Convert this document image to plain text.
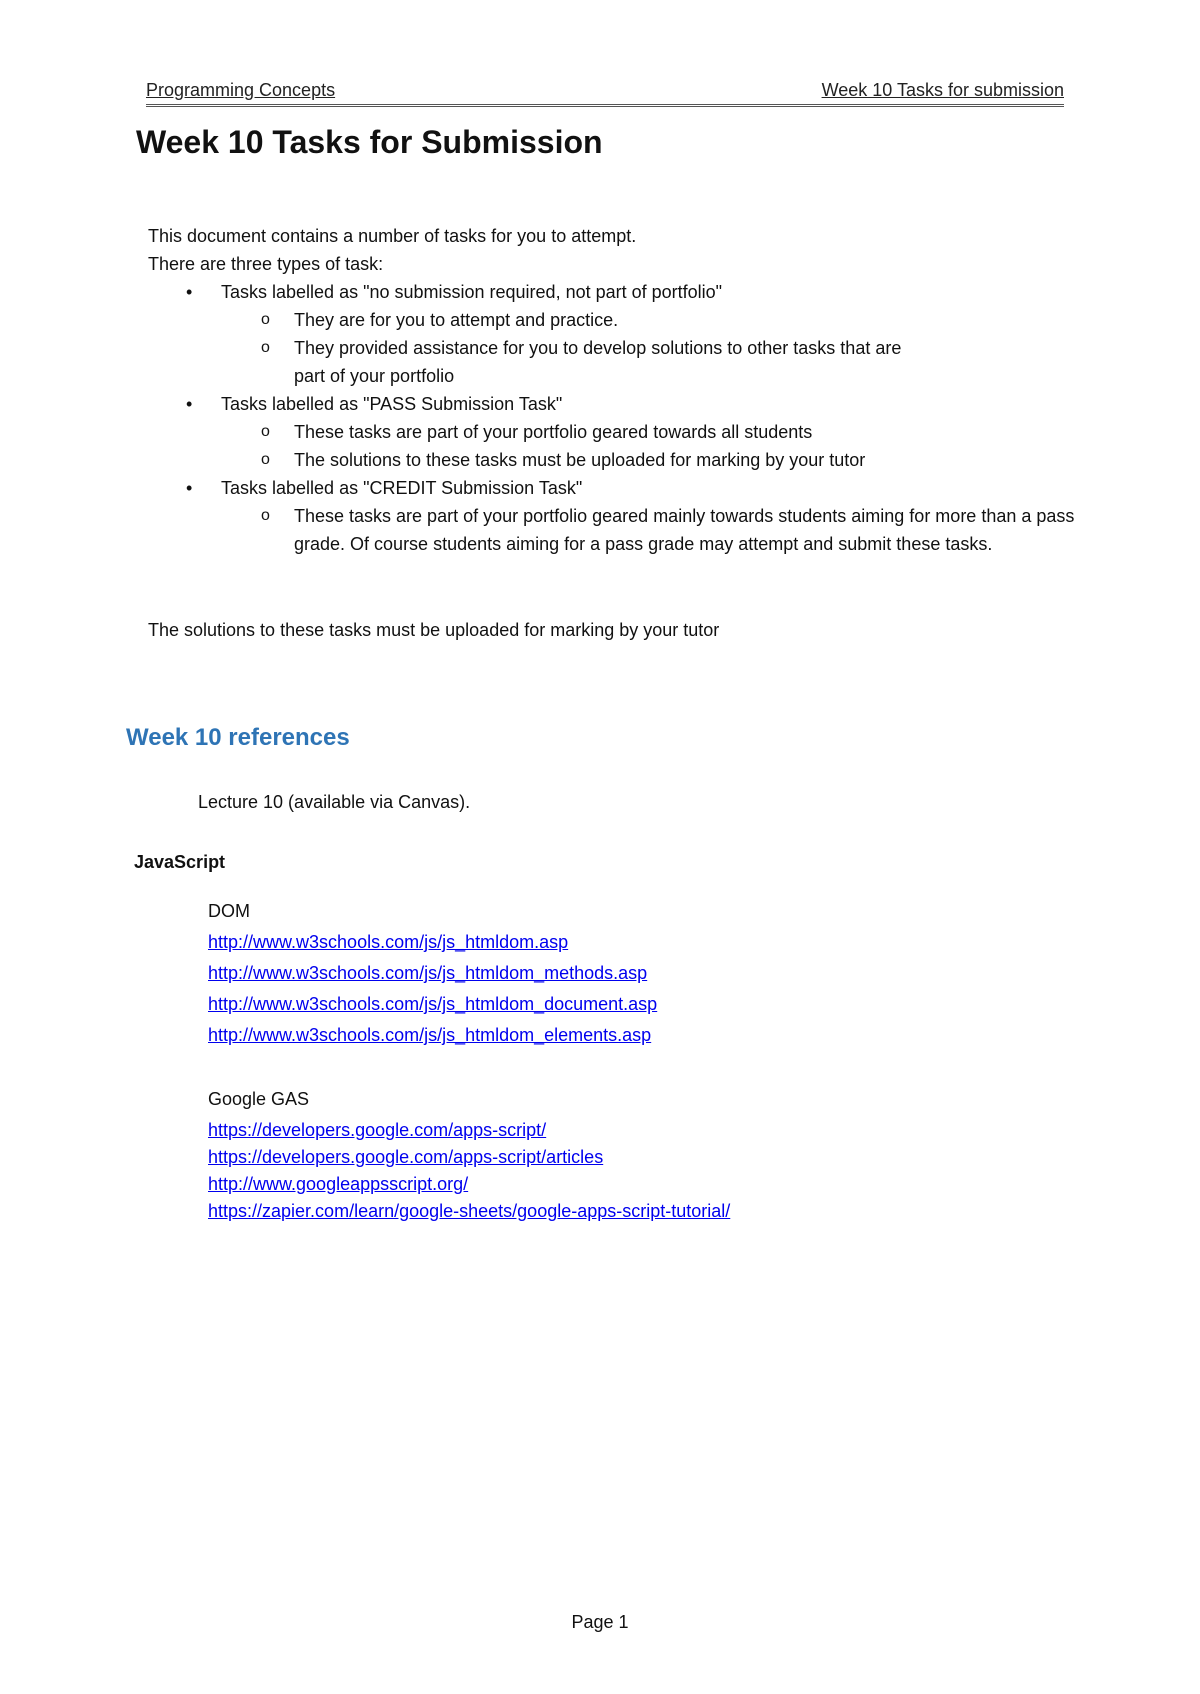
Programming Concepts	Week 10 Tasks for submission
Week 10 Tasks for Submission

This document contains a number of tasks for you to attempt.

There are three types of task:

• Tasks labelled as "no submission required, not part of portfolio"
o They are for you to attempt and practice.
o They provided assistance for you to develop solutions to other tasks that are part of your portfolio
• Tasks labelled as "PASS Submission Task"
o These tasks are part of your portfolio geared towards all students
o The solutions to these tasks must be uploaded for marking by your tutor
• Tasks labelled as "CREDIT Submission Task"
o These tasks are part of your portfolio geared mainly towards students aiming for more than a pass grade. Of course students aiming for a pass grade may attempt and submit these tasks.

The solutions to these tasks must be uploaded for marking by your tutor

Week 10 references

Lecture 10 (available via Canvas).

JavaScript
DOM
http://www.w3schools.com/js/js_htmldom.asp
http://www.w3schools.com/js/js_htmldom_methods.asp
http://www.w3schools.com/js/js_htmldom_document.asp
http://www.w3schools.com/js/js_htmldom_elements.asp
Google GAS
https://developers.google.com/apps-script/
https://developers.google.com/apps-script/articles
http://www.googleappsscript.org/
https://zapier.com/learn/google-sheets/google-apps-script-tutorial/
Page 1
